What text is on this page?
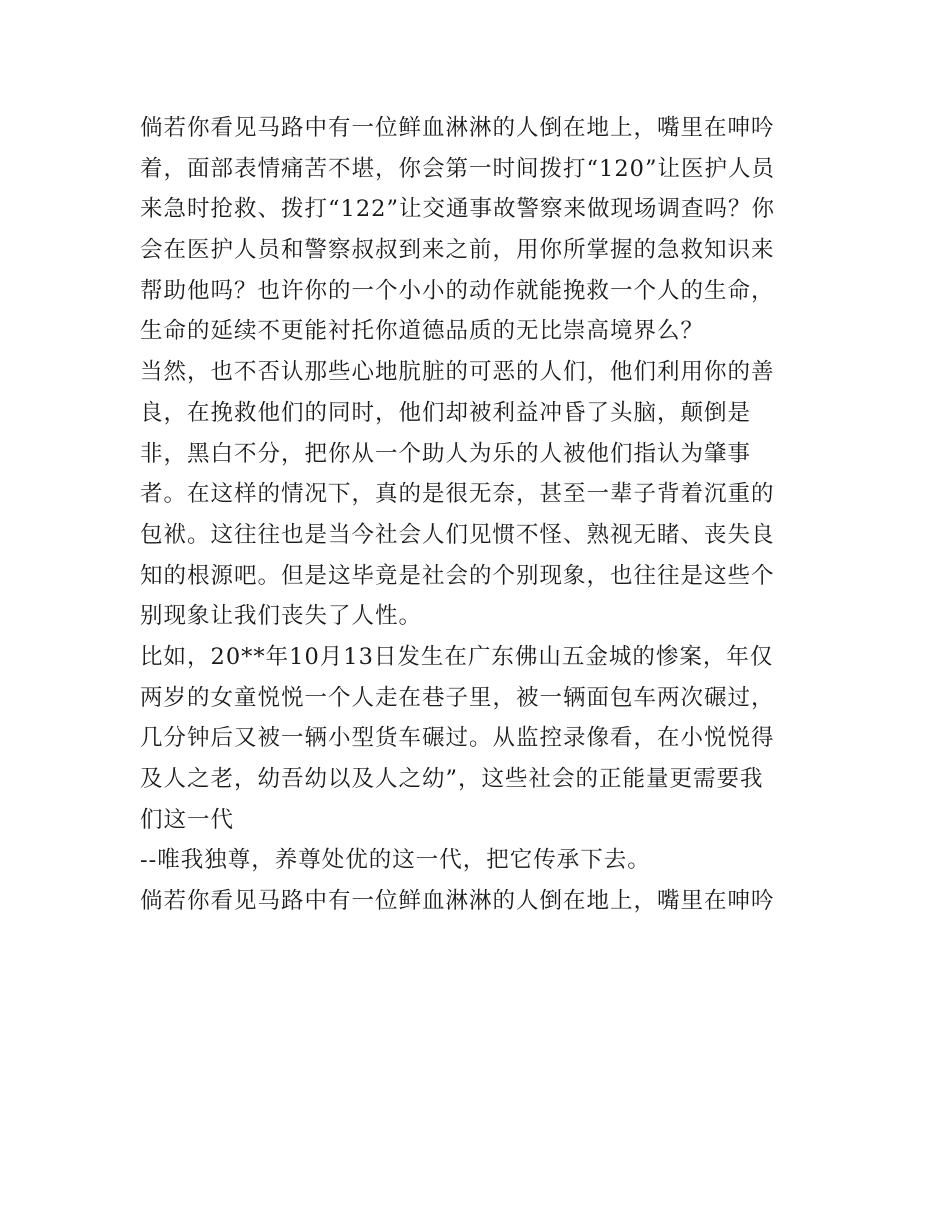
倘若你看见马路中有一位鲜血淋淋的人倒在地上，嘴里在呻吟
着，面部表情痛苦不堪，你会第一时间拨打“120”让医护人员
来急时抢救、拨打“122”让交通事故警察来做现场调查吗？你
会在医护人员和警察叔叔到来之前，用你所掌握的急救知识来
帮助他吗？也许你的一个小小的动作就能挽救一个人的生命，
生命的延续不更能衬托你道德品质的无比崇高境界么？
当然，也不否认那些心地肮脏的可恶的人们，他们利用你的善
良，在挽救他们的同时，他们却被利益冲昏了头脑，颠倒是
非，黑白不分，把你从一个助人为乐的人被他们指认为肇事
者。在这样的情况下，真的是很无奈，甚至一辈子背着沉重的
包袱。这往往也是当今社会人们见惯不怪、熟视无睹、丧失良
知的根源吧。但是这毕竟是社会的个别现象，也往往是这些个
别现象让我们丧失了人性。
比如，20**年10月13日发生在广东佛山五金城的惨案，年仅
两岁的女童悦悦一个人走在巷子里，被一辆面包车两次碾过，
几分钟后又被一辆小型货车碾过。从监控录像看，在小悦悦得
及人之老，幼吾幼以及人之幼”，这些社会的正能量更需要我
们这一代
--唯我独尊，养尊处优的这一代，把它传承下去。
倘若你看见马路中有一位鲜血淋淋的人倒在地上，嘴里在呻吟
